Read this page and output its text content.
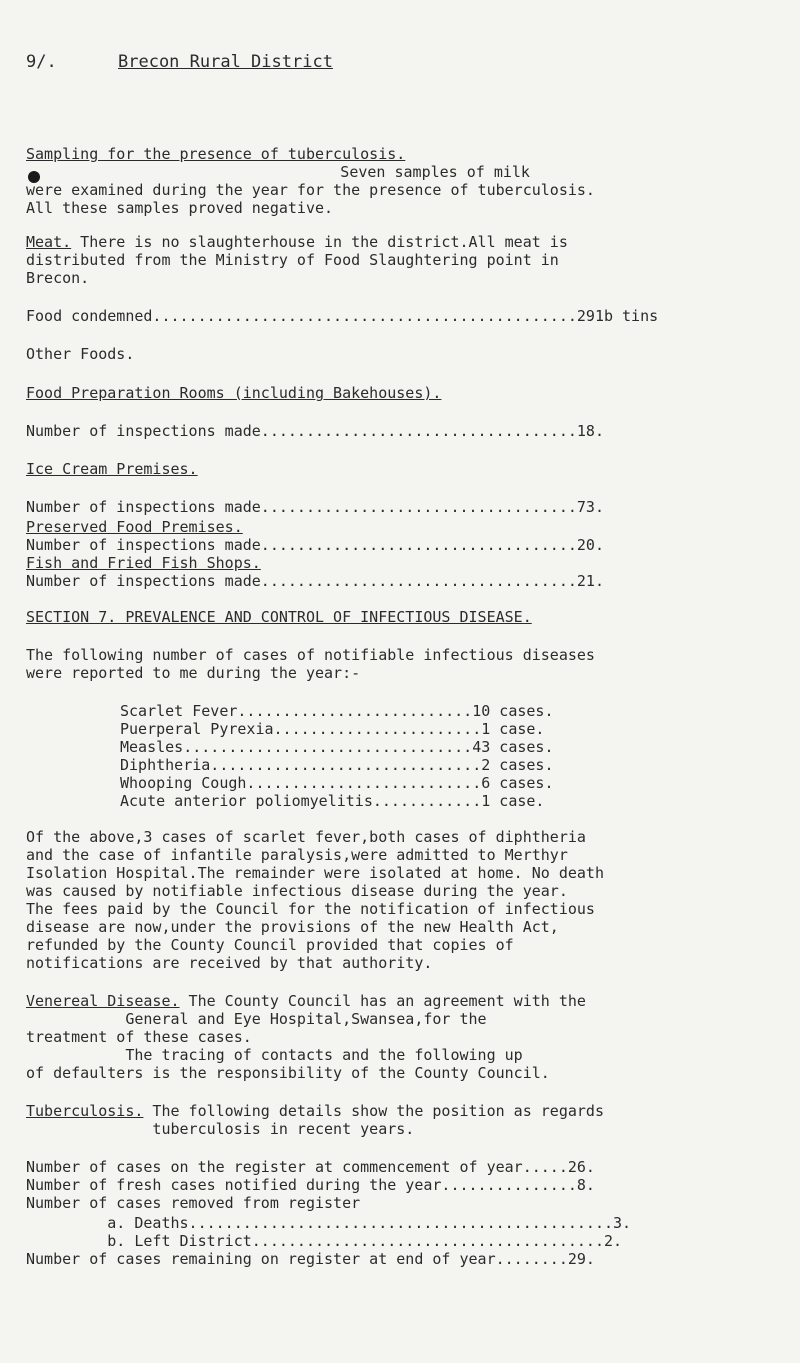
9/.	Brecon Rural District
Sampling for the presence of tuberculosis.
Seven samples of milk
were examined during the year for the presence of tuberculosis.
All these samples proved negative.
Meat. There is no slaughterhouse in the district.All meat is
distributed from the Ministry of Food Slaughtering point in
Brecon.
Food condemned...............................................291b tins
Other Foods.
Food Preparation Rooms (including Bakehouses).
Number of inspections made...................................18.
Ice Cream Premises.
Number of inspections made...................................73.
Preserved Food Premises.
Number of inspections made...................................20.
Fish and Fried Fish Shops.
Number of inspections made...................................21.
SECTION 7. PREVALENCE AND CONTROL OF INFECTIOUS DISEASE.
The following number of cases of notifiable infectious diseases
were reported to me during the year:-
Scarlet Fever..........................10 cases.
Puerperal Pyrexia.......................1 case.
Measles................................43 cases.
Diphtheria..............................2 cases.
Whooping Cough..........................6 cases.
Acute anterior poliomyelitis............1 case.
Of the above,3 cases of scarlet fever,both cases of diphtheria
and the case of infantile paralysis,were admitted to Merthyr
Isolation Hospital.The remainder were isolated at home. No death
was caused by notifiable infectious disease during the year.
The fees paid by the Council for the notification of infectious
disease are now,under the provisions of the new Health Act,
refunded by the County Council provided that copies of
notifications are received by that authority.
Venereal Disease. The County Council has an agreement with the
General and Eye Hospital,Swansea,for the
treatment of these cases.
The tracing of contacts and the following up
of defaulters is the responsibility of the County Council.
Tuberculosis. The following details show the position as regards
tuberculosis in recent years.
Number of cases on the register at commencement of year.....26.
Number of fresh cases notified during the year...............8.
Number of cases removed from register
a. Deaths...............................................3.
b. Left District.......................................2.
Number of cases remaining on register at end of year........29.
